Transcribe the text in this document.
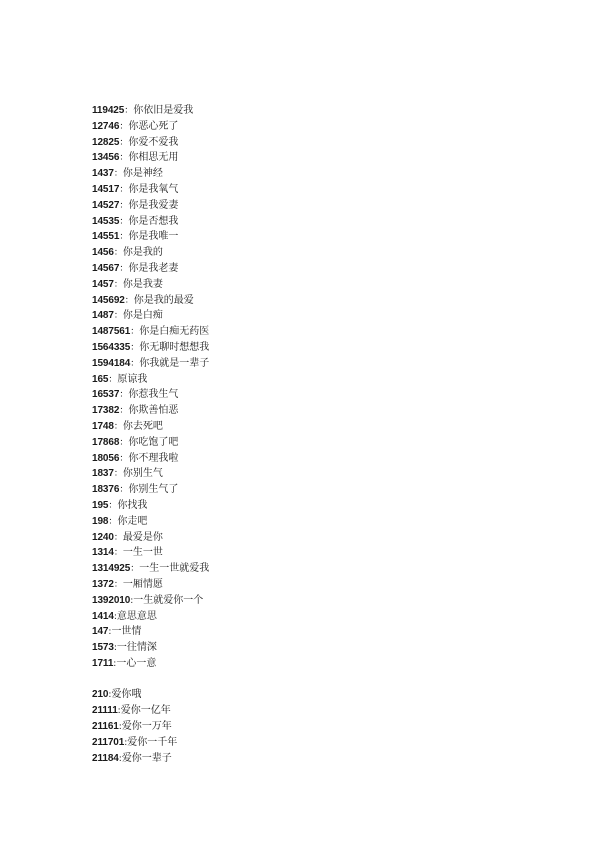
119425：你依旧是爱我
12746：你恶心死了
12825：你爱不爱我
13456：你相思无用
1437：你是神经
14517：你是我氧气
14527：你是我爱妻
14535：你是否想我
14551：你是我唯一
1456：你是我的
14567：你是我老妻
1457：你是我妻
145692：你是我的最爱
1487：你是白痴
1487561：你是白痴无药医
1564335：你无聊时想想我
1594184：你我就是一辈子
165：原谅我
16537：你惹我生气
17382：你欺善怕恶
1748：你去死吧
17868：你吃饱了吧
18056：你不理我啦
1837：你别生气
18376：你别生气了
195：你找我
198：你走吧
1240：最爱是你
1314：一生一世
1314925：一生一世就爱我
1372：一厢情愿
1392010:一生就爱你一个
1414:意思意思
147:一世情
1573:一往情深
1711:一心一意
210:爱你哦
21111:爱你一亿年
21161:爱你一万年
211701:爱你一千年
21184:爱你一辈子
